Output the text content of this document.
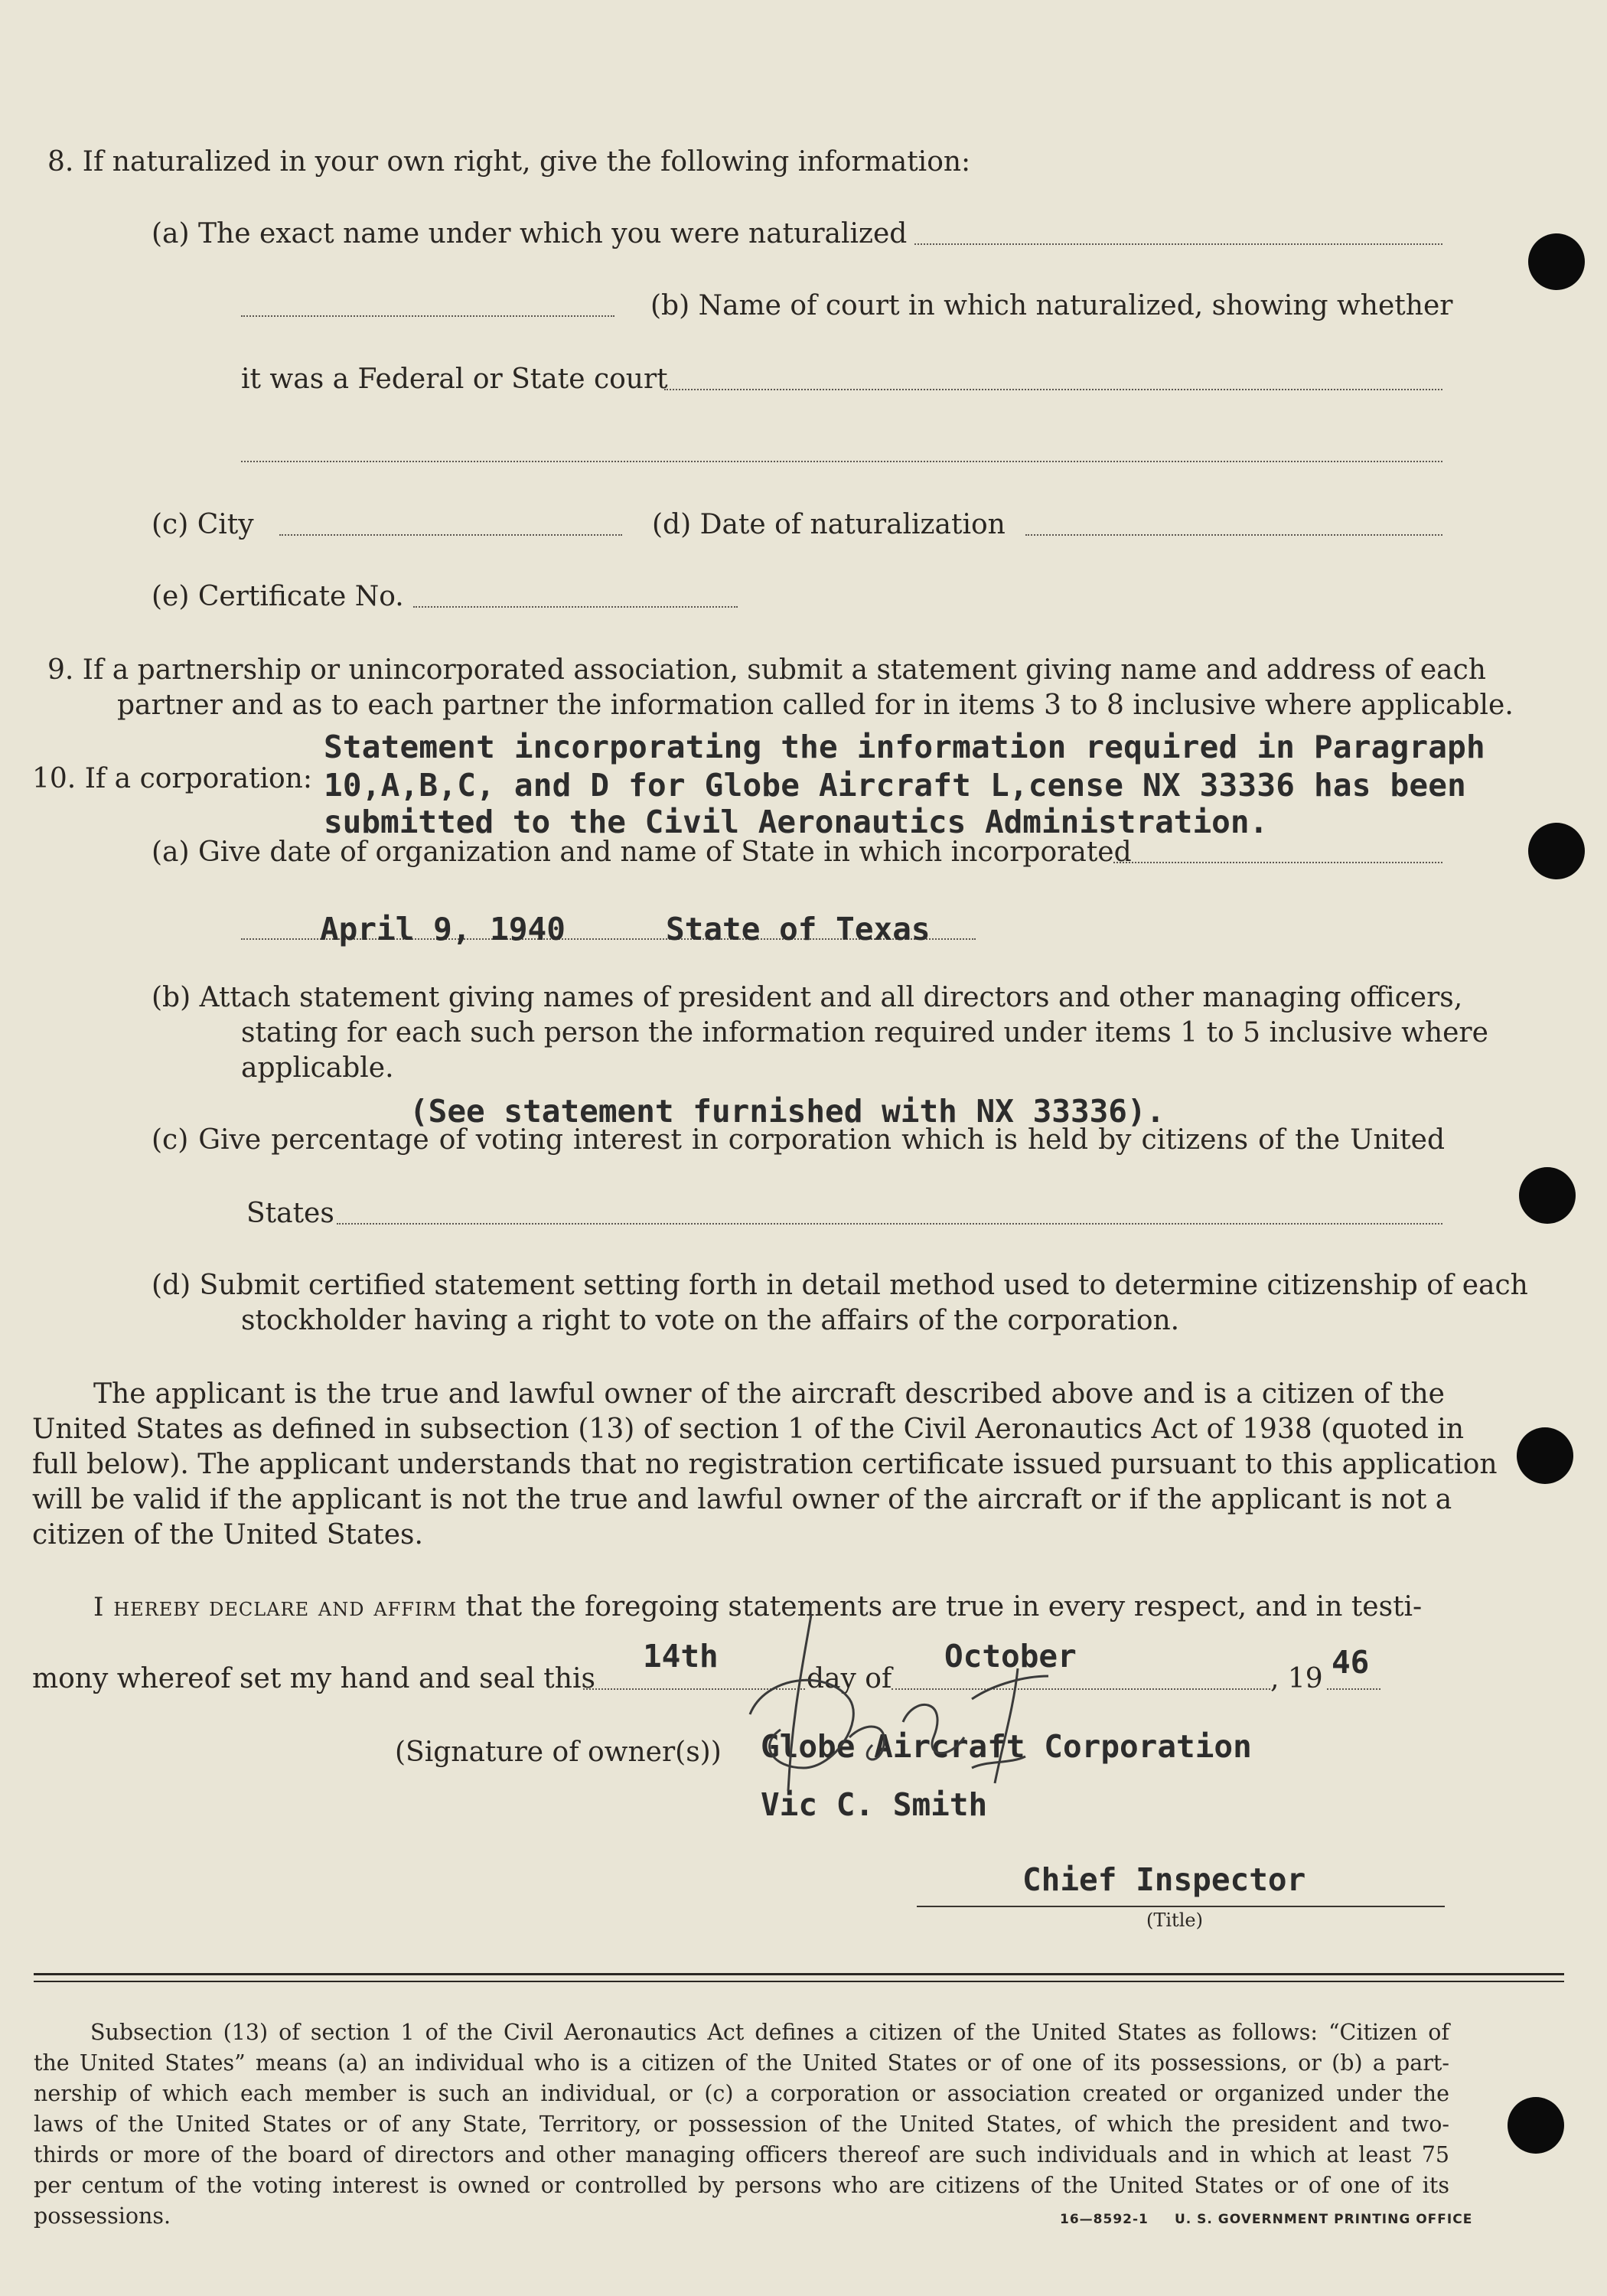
8. If naturalized in your own right, give the following information:
(a) The exact name under which you were naturalized
(b) Name of court in which naturalized, showing whether
it was a Federal or State court
(c) City	(d) Date of naturalization
(e) Certificate No.
9. If a partnership or unincorporated association, submit a statement giving name and address of each
partner and as to each partner the information called for in items 3 to 8 inclusive where applicable.
10. If a corporation:
Statement incorporating the information required in Paragraph
10,A,B,C, and D for Globe Aircraft L,cense NX 33336 has been
submitted to the Civil Aeronautics Administration.
(a) Give date of organization and name of State in which incorporated
April 9, 1940	State of Texas
(b) Attach statement giving names of president and all directors and other managing officers,
stating for each such person the information required under items 1 to 5 inclusive where
applicable.
(See statement furnished with NX 33336).
(c) Give percentage of voting interest in corporation which is held by citizens of the United
States
(d) Submit certified statement setting forth in detail method used to determine citizenship of each
stockholder having a right to vote on the affairs of the corporation.
The applicant is the true and lawful owner of the aircraft described above and is a citizen of the
United States as defined in subsection (13) of section 1 of the Civil Aeronautics Act of 1938 (quoted in
full below). The applicant understands that no registration certificate issued pursuant to this application
will be valid if the applicant is not the true and lawful owner of the aircraft or if the applicant is not a
citizen of the United States.
I hereby declare and affirm that the foregoing statements are true in every respect, and in testi-
mony whereof set my hand and seal this
14th
day of
October
, 19 46
(Signature of owner(s)) Globe Aircraft Corporation
Vic C. Smith
Chief Inspector
(Title)
Subsection (13) of section 1 of the Civil Aeronautics Act defines a citizen of the United States as follows: “Citizen of
the United States” means (a) an individual who is a citizen of the United States or of one of its possessions, or (b) a part-
nership of which each member is such an individual, or (c) a corporation or association created or organized under the
laws of the United States or of any State, Territory, or possession of the United States, of which the president and two-
thirds or more of the board of directors and other managing officers thereof are such individuals and in which at least 75
per centum of the voting interest is owned or controlled by persons who are citizens of the United States or of one of its
possessions.	16—8592-1 U. S. GOVERNMENT PRINTING OFFICE
